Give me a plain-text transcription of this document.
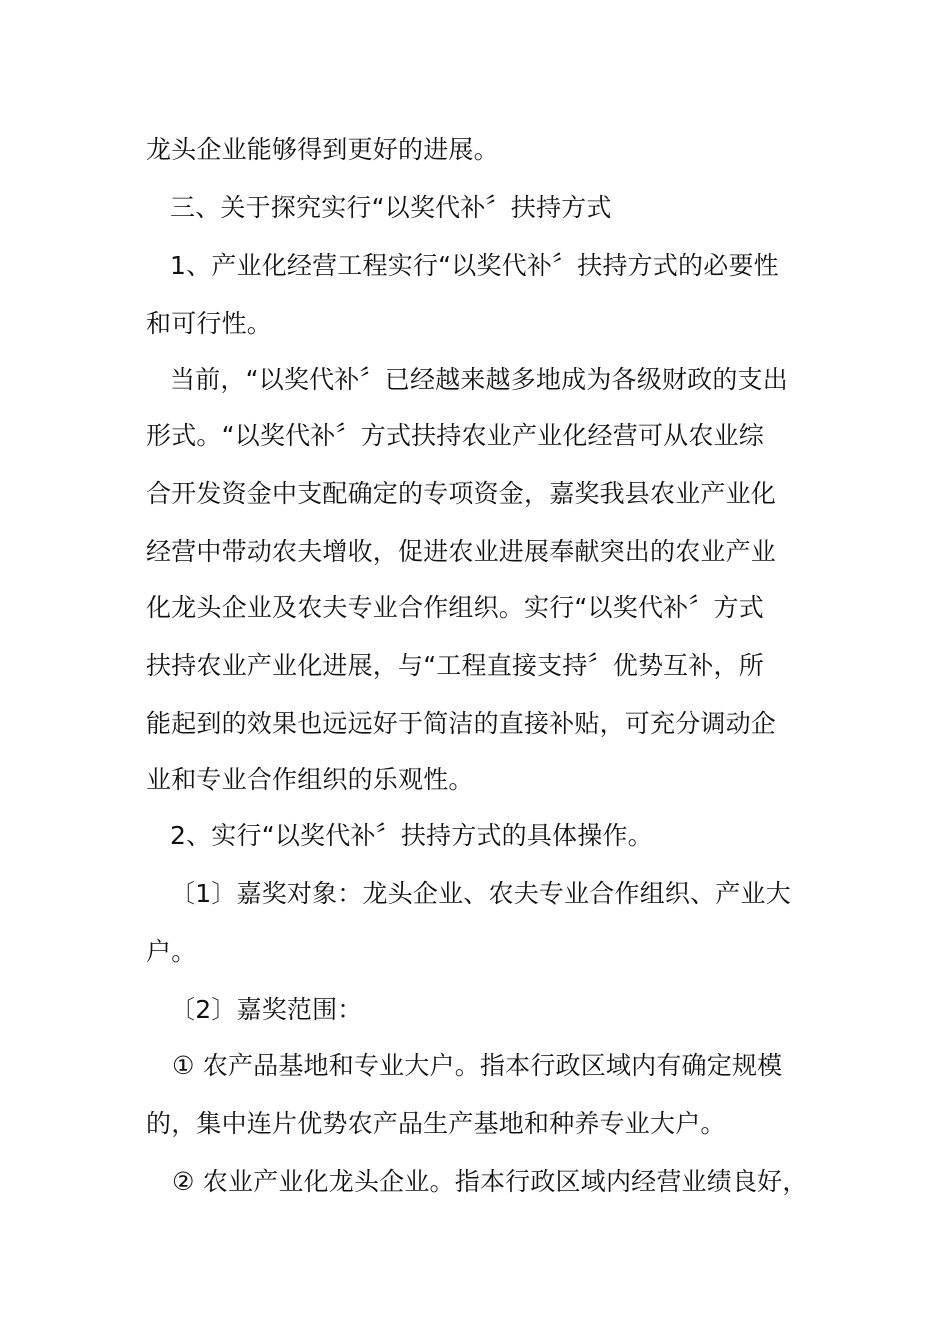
龙头企业能够得到更好的进展。
三、关于探究实行“以奖代补〞扶持方式
1、产业化经营工程实行“以奖代补〞扶持方式的必要性
和可行性。
当前，“以奖代补〞已经越来越多地成为各级财政的支出
形式。“以奖代补〞方式扶持农业产业化经营可从农业综
合开发资金中支配确定的专项资金，嘉奖我县农业产业化
经营中带动农夫增收，促进农业进展奉献突出的农业产业
化龙头企业及农夫专业合作组织。实行“以奖代补〞方式
扶持农业产业化进展，与“工程直接支持〞优势互补，所
能起到的效果也远远好于简洁的直接补贴，可充分调动企
业和专业合作组织的乐观性。
2、实行“以奖代补〞扶持方式的具体操作。
〔1〕嘉奖对象：龙头企业、农夫专业合作组织、产业大
户。
〔2〕嘉奖范围：
① 农产品基地和专业大户。指本行政区域内有确定规模
的，集中连片优势农产品生产基地和种养专业大户。
② 农业产业化龙头企业。指本行政区域内经营业绩良好，
